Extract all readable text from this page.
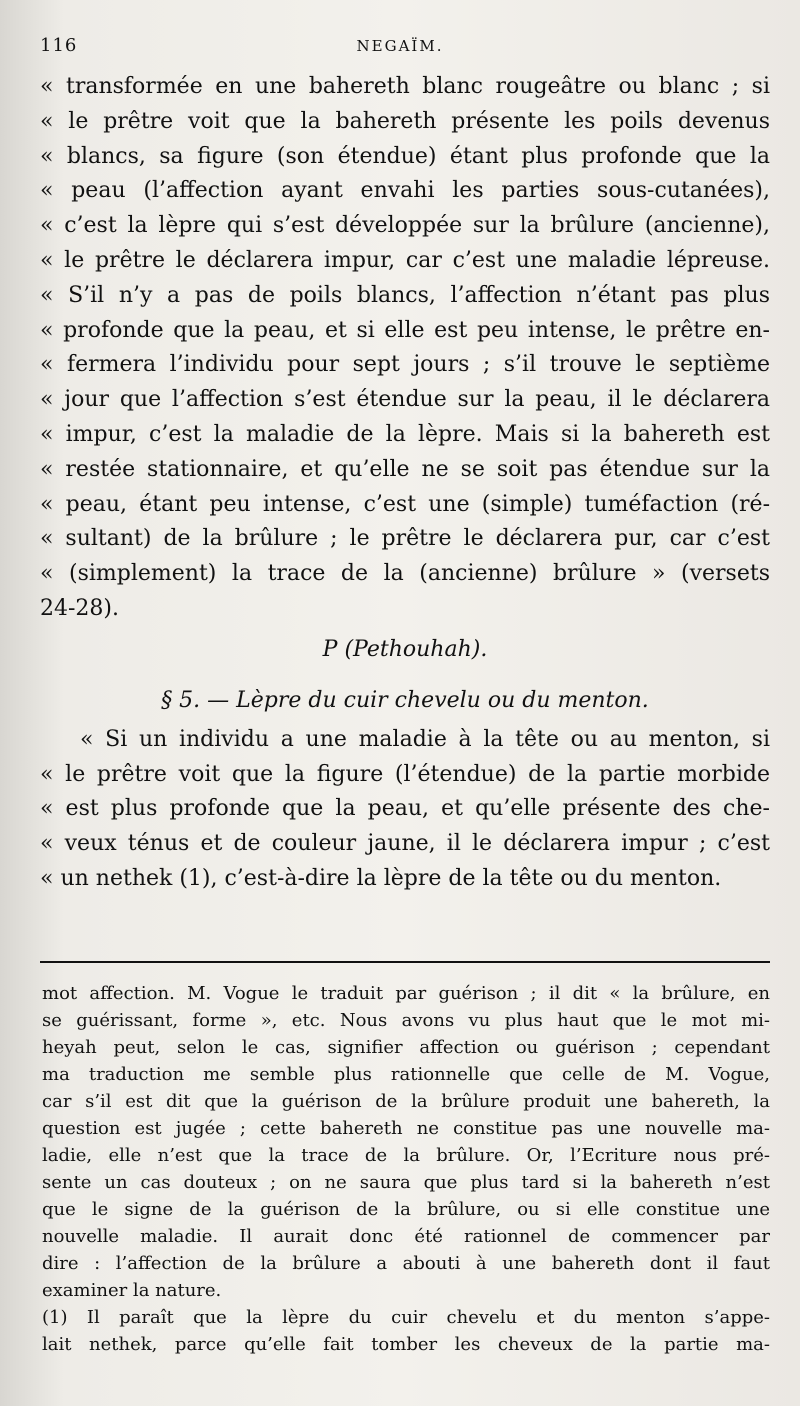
116	NEGAÏM.
« transformée en une bahereth blanc rougeâtre ou blanc ; si
« le prêtre voit que la bahereth présente les poils devenus
« blancs, sa figure (son étendue) étant plus profonde que la
« peau (l’affection ayant envahi les parties sous-cutanées),
« c’est la lèpre qui s’est développée sur la brûlure (ancienne),
« le prêtre le déclarera impur, car c’est une maladie lépreuse.
« S’il n’y a pas de poils blancs, l’affection n’étant pas plus
« profonde que la peau, et si elle est peu intense, le prêtre en-
« fermera l’individu pour sept jours ; s’il trouve le septième
« jour que l’affection s’est étendue sur la peau, il le déclarera
« impur, c’est la maladie de la lèpre. Mais si la bahereth est
« restée stationnaire, et qu’elle ne se soit pas étendue sur la
« peau, étant peu intense, c’est une (simple) tuméfaction (ré-
« sultant) de la brûlure ; le prêtre le déclarera pur, car c’est
« (simplement) la trace de la (ancienne) brûlure » (versets
24-28).
P (Pethouhah).
§ 5. — Lèpre du cuir chevelu ou du menton.
« Si un individu a une maladie à la tête ou au menton, si
« le prêtre voit que la figure (l’étendue) de la partie morbide
« est plus profonde que la peau, et qu’elle présente des che-
« veux ténus et de couleur jaune, il le déclarera impur ; c’est
« un nethek (1), c’est-à-dire la lèpre de la tête ou du menton.
mot affection. M. Vogue le traduit par guérison ; il dit « la brûlure, en
se guérissant, forme », etc. Nous avons vu plus haut que le mot mi-
heyah peut, selon le cas, signifier affection ou guérison ; cependant
ma traduction me semble plus rationnelle que celle de M. Vogue,
car s’il est dit que la guérison de la brûlure produit une bahereth, la
question est jugée ; cette bahereth ne constitue pas une nouvelle ma-
ladie, elle n’est que la trace de la brûlure. Or, l’Ecriture nous pré-
sente un cas douteux ; on ne saura que plus tard si la bahereth n’est
que le signe de la guérison de la brûlure, ou si elle constitue une
nouvelle maladie. Il aurait donc été rationnel de commencer par
dire : l’affection de la brûlure a abouti à une bahereth dont il faut
examiner la nature.
(1) Il paraît que la lèpre du cuir chevelu et du menton s’appe-
lait nethek, parce qu’elle fait tomber les cheveux de la partie ma-
